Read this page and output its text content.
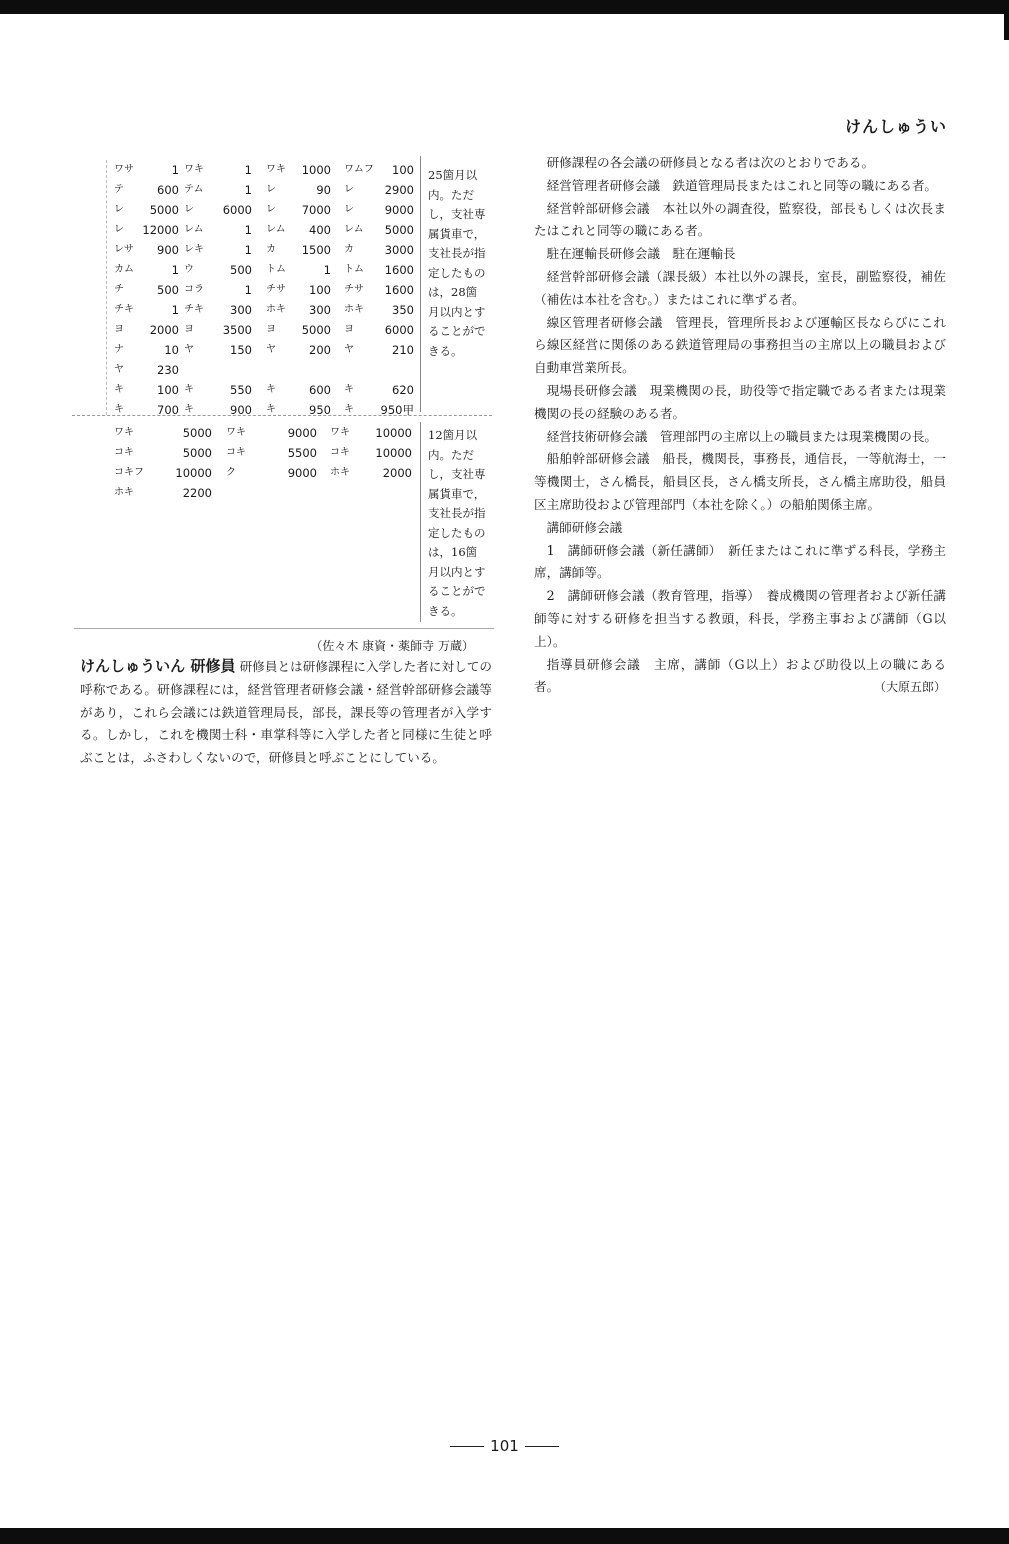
けんしゅうい
ワサ	1 ワキ	1 ワキ	1000 ワムフ	100
テ	600 テム	1 レ	90 レ	2900
レ	5000 レ	6000 レ	7000 レ	9000
レ	12000 レム	1 レム	400 レム	5000
レサ	900 レキ	1 カ	1500 カ	3000
カム	1 ウ	500 トム	1 トム	1600
チ	500 コラ	1 チサ	100 チサ	1600
チキ	1 チキ	300 ホキ	300 ホキ	350
ヨ	2000 ヨ	3500 ヨ	5000 ヨ	6000
ナ	10 ヤ	150 ヤ	200 ヤ	210
ヤ	230
キ	100 キ	550 キ	600 キ	620
キ	700 キ	900 キ	950 キ	950甲
25箇月以内。ただし，支社専属貨車で，支社長が指定したものは，28箇月以内とすることができる。
ワキ	5000 ワキ	9000 ワキ	10000
コキ	5000 コキ	5500 コキ	10000
コキフ	10000 ク	9000 ホキ	2000
ホキ	2200
12箇月以内。ただし，支社専属貨車で，支社長が指定したものは，16箇月以内とすることができる。
（佐々木 康資・薬師寺 万蔵）
けんしゅういん 研修員 研修員とは研修課程に入学した者に対しての呼称である。研修課程には，経営管理者研修会議・経営幹部研修会議等があり，これら会議には鉄道管理局長，部長，課長等の管理者が入学する。しかし，これを機関士科・車掌科等に入学した者と同様に生徒と呼ぶことは，ふさわしくないので，研修員と呼ぶことにしている。

研修課程の各会議の研修員となる者は次のとおりである。

経営管理者研修会議　鉄道管理局長またはこれと同等の職にある者。

経営幹部研修会議　本社以外の調査役，監察役，部長もしくは次長またはこれと同等の職にある者。

駐在運輸長研修会議　駐在運輸長

経営幹部研修会議（課長級）本社以外の課長，室長，副監察役，補佐（補佐は本社を含む。）またはこれに準ずる者。

線区管理者研修会議　管理長，管理所長および運輸区長ならびにこれら線区経営に関係のある鉄道管理局の事務担当の主席以上の職員および自動車営業所長。

現場長研修会議　現業機関の長，助役等で指定職である者または現業機関の長の経験のある者。

経営技術研修会議　管理部門の主席以上の職員または現業機関の長。

船舶幹部研修会議　船長，機関長，事務長，通信長，一等航海士，一等機関士，さん橋長，船員区長，さん橋支所長，さん橋主席助役，船員区主席助役および管理部門（本社を除く。）の船舶関係主席。

講師研修会議

1　講師研修会議（新任講師）　新任またはこれに準ずる科長，学務主席，講師等。

2　講師研修会議（教育管理，指導）　養成機関の管理者および新任講師等に対する研修を担当する教頭，科長，学務主事および講師（G以上）。

指導員研修会議　主席，講師（G以上）および助役以上の職にある者。	（大原五郎）
101
